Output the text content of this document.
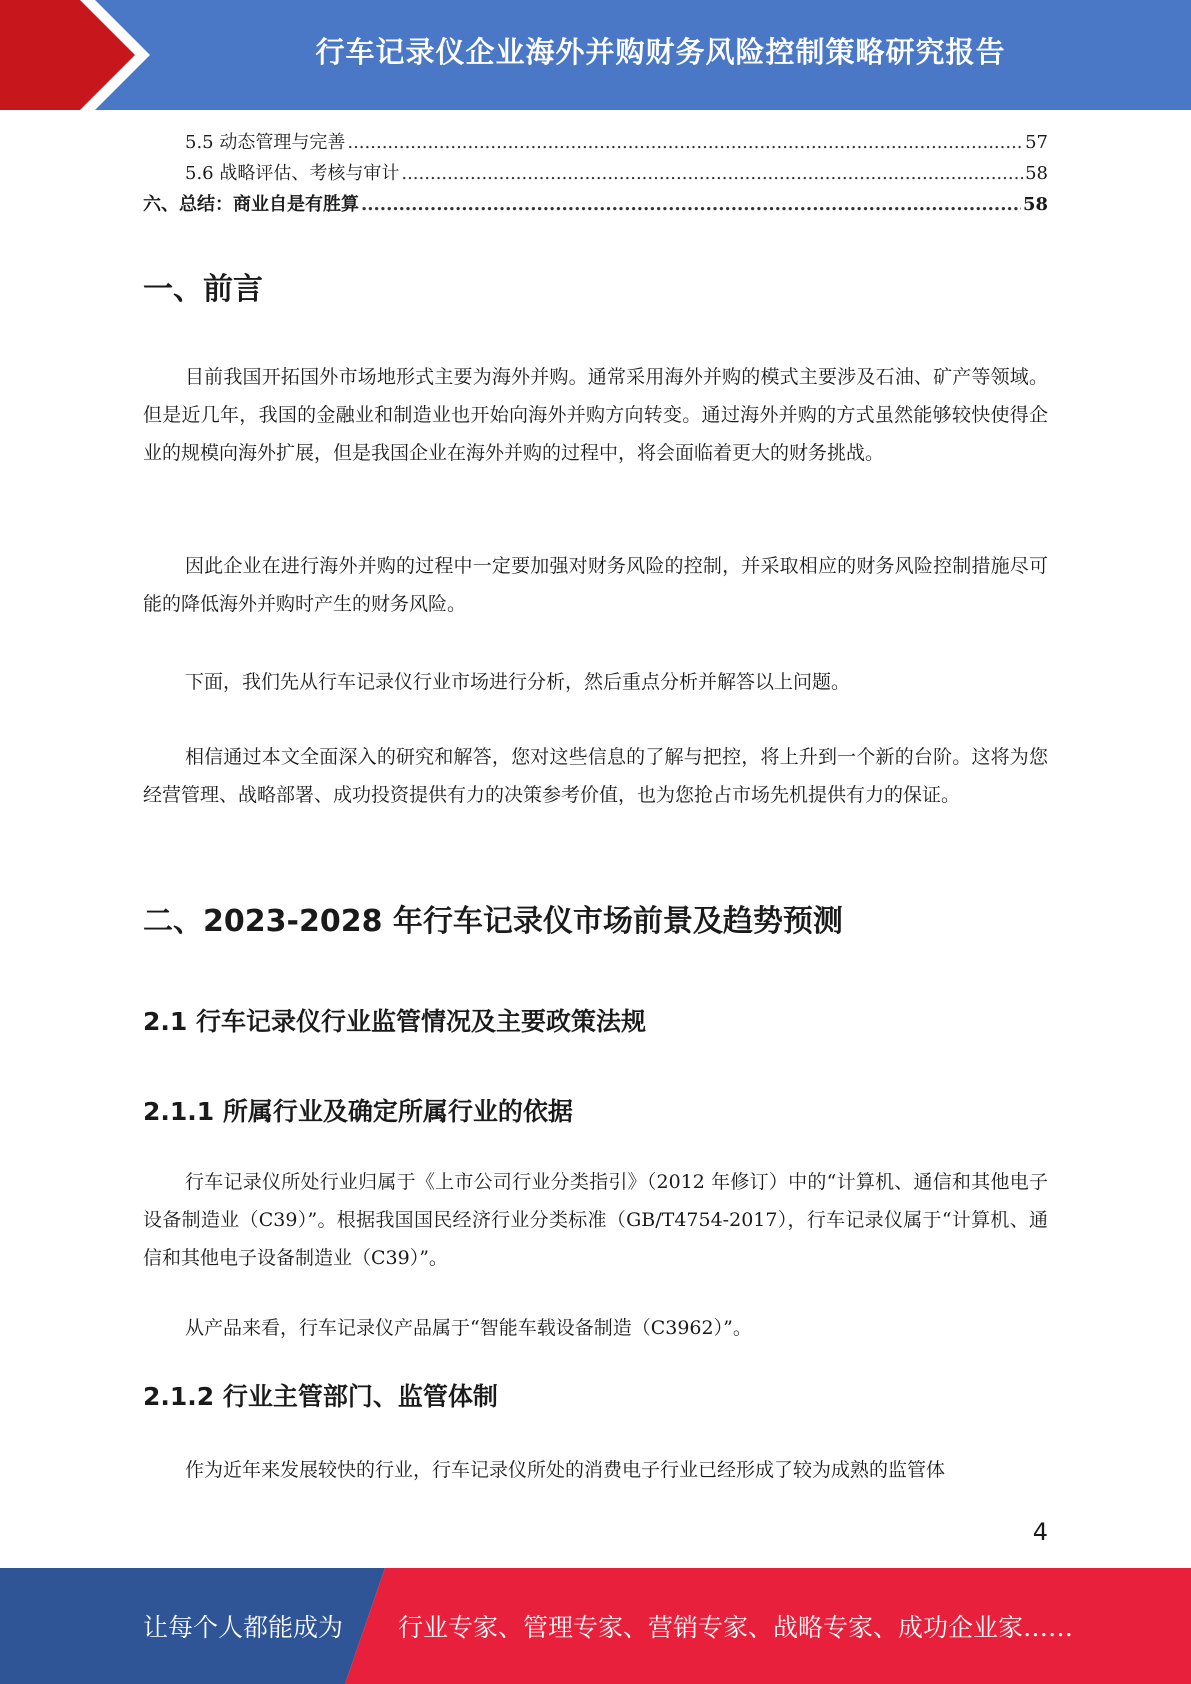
行车记录仪企业海外并购财务风险控制策略研究报告
5.5 动态管理与完善 .....	57
5.6 战略评估、考核与审计 .....	58
六、总结：商业自是有胜算 .....	58
一、前言

目前我国开拓国外市场地形式主要为海外并购。通常采用海外并购的模式主要涉及石油、矿产等领域。但是近几年，我国的金融业和制造业也开始向海外并购方向转变。通过海外并购的方式虽然能够较快使得企业的规模向海外扩展，但是我国企业在海外并购的过程中，将会面临着更大的财务挑战。

因此企业在进行海外并购的过程中一定要加强对财务风险的控制，并采取相应的财务风险控制措施尽可能的降低海外并购时产生的财务风险。

下面，我们先从行车记录仪行业市场进行分析，然后重点分析并解答以上问题。

相信通过本文全面深入的研究和解答，您对这些信息的了解与把控，将上升到一个新的台阶。这将为您经营管理、战略部署、成功投资提供有力的决策参考价值，也为您抢占市场先机提供有力的保证。

二、2023-2028 年行车记录仪市场前景及趋势预测
2.1 行车记录仪行业监管情况及主要政策法规
2.1.1 所属行业及确定所属行业的依据

行车记录仪所处行业归属于《上市公司行业分类指引》（2012 年修订）中的“计算机、通信和其他电子设备制造业（C39）”。根据我国国民经济行业分类标准（GB/T4754-2017），行车记录仪属于“计算机、通信和其他电子设备制造业（C39）”。

从产品来看，行车记录仪产品属于“智能车载设备制造（C3962）”。

2.1.2 行业主管部门、监管体制

作为近年来发展较快的行业，行车记录仪所处的消费电子行业已经形成了较为成熟的监管体

4
让每个人都能成为 行业专家、管理专家、营销专家、战略专家、成功企业家……
